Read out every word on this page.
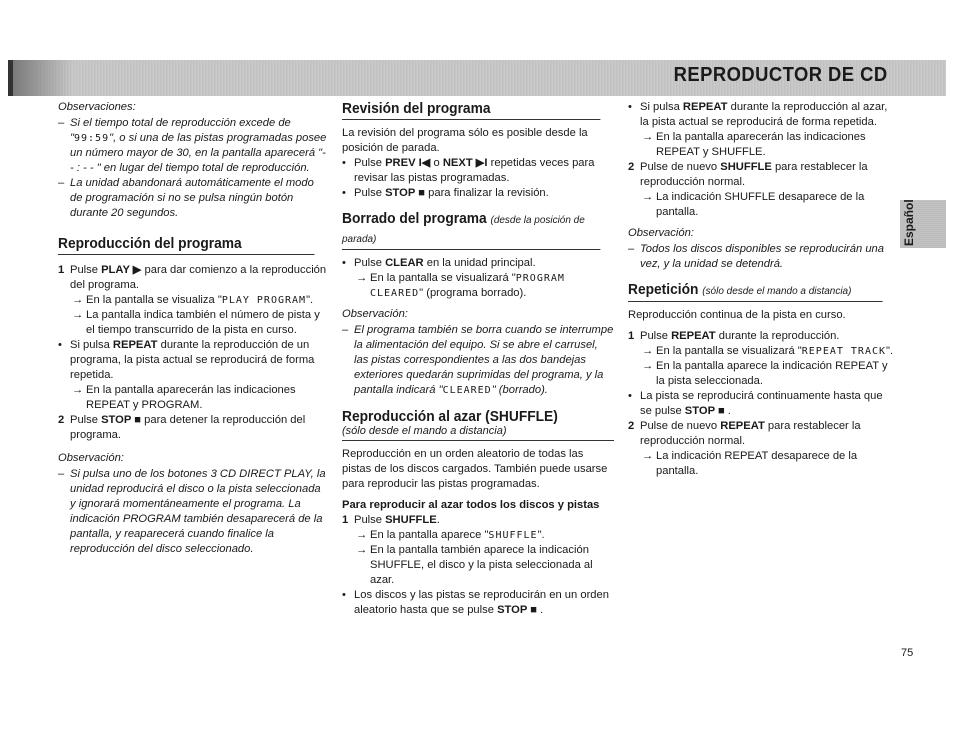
REPRODUCTOR DE CD
Español
Observaciones:
– Si el tiempo total de reproducción excede de "99:59", o si una de las pistas programadas posee un número mayor de 30, en la pantalla aparecerá "- - : - - " en lugar del tiempo total de reproducción.
– La unidad abandonará automáticamente el modo de programación si no se pulsa ningún botón durante 20 segundos.
Reproducción del programa
1 Pulse PLAY ▶ para dar comienzo a la reproducción del programa.
→ En la pantalla se visualiza "PLAY PROGRAM".
→ La pantalla indica también el número de pista y el tiempo transcurrido de la pista en curso.
• Si pulsa REPEAT durante la reproducción de un programa, la pista actual se reproducirá de forma repetida.
→ En la pantalla aparecerán las indicaciones REPEAT y PROGRAM.
2 Pulse STOP ■ para detener la reproducción del programa.
Observación:
– Si pulsa uno de los botones 3 CD DIRECT PLAY, la unidad reproducirá el disco o la pista seleccionada y ignorará momentáneamente el programa. La indicación PROGRAM también desaparecerá de la pantalla, y reaparecerá cuando finalice la reproducción del disco seleccionado.
Revisión del programa
La revisión del programa sólo es posible desde la posición de parada.
• Pulse PREV I◀ o NEXT ▶I repetidas veces para revisar las pistas programadas.
• Pulse STOP ■ para finalizar la revisión.
Borrado del programa (desde la posición de parada)
• Pulse CLEAR en la unidad principal.
→ En la pantalla se visualizará "PROGRAM CLEARED" (programa borrado).
Observación:
– El programa también se borra cuando se interrumpe la alimentación del equipo. Si se abre el carrusel, las pistas correspondientes a las dos bandejas exteriores quedarán suprimidas del programa, y la pantalla indicará "CLEARED" (borrado).
Reproducción al azar (SHUFFLE)
(sólo desde el mando a distancia)
Reproducción en un orden aleatorio de todas las pistas de los discos cargados. También puede usarse para reproducir las pistas programadas.
Para reproducir al azar todos los discos y pistas
1 Pulse SHUFFLE.
→ En la pantalla aparece "SHUFFLE".
→ En la pantalla también aparece la indicación SHUFFLE, el disco y la pista seleccionada al azar.
• Los discos y las pistas se reproducirán en un orden aleatorio hasta que se pulse STOP ■ .
• Si pulsa REPEAT durante la reproducción al azar, la pista actual se reproducirá de forma repetida.
→ En la pantalla aparecerán las indicaciones REPEAT y SHUFFLE.
2 Pulse de nuevo SHUFFLE para restablecer la reproducción normal.
→ La indicación SHUFFLE desaparece de la pantalla.
Observación:
– Todos los discos disponibles se reproducirán una vez, y la unidad se detendrá.
Repetición (sólo desde el mando a distancia)
Reproducción continua de la pista en curso.
1 Pulse REPEAT durante la reproducción.
→ En la pantalla se visualizará "REPEAT TRACK".
→ En la pantalla aparece la indicación REPEAT y la pista seleccionada.
• La pista se reproducirá continuamente hasta que se pulse STOP ■ .
2 Pulse de nuevo REPEAT para restablecer la reproducción normal.
→ La indicación REPEAT desaparece de la pantalla.
75
